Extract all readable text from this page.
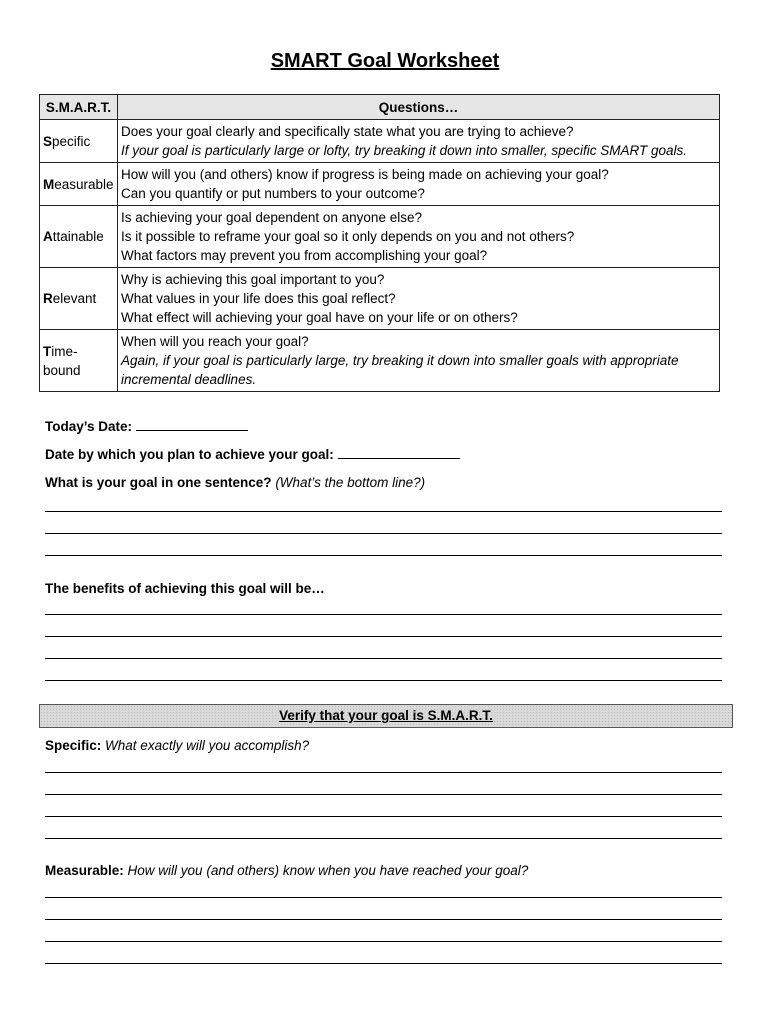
SMART Goal Worksheet
S.M.A.R.T.	Questions…
Specific	Does your goal clearly and specifically state what you are trying to achieve?
If your goal is particularly large or lofty, try breaking it down into smaller, specific SMART goals.

Measurable	How will you (and others) know if progress is being made on achieving your goal?
Can you quantify or put numbers to your outcome?

Attainable	Is achieving your goal dependent on anyone else?
Is it possible to reframe your goal so it only depends on you and not others?
What factors may prevent you from accomplishing your goal?

Relevant	Why is achieving this goal important to you?
What values in your life does this goal reflect?
What effect will achieving your goal have on your life or on others?

Time-bound	When will you reach your goal?
Again, if your goal is particularly large, try breaking it down into smaller goals with appropriate
incremental deadlines.
Today’s Date:
Date by which you plan to achieve your goal:
What is your goal in one sentence? (What’s the bottom line?)
The benefits of achieving this goal will be…
Verify that your goal is S.M.A.R.T.
Specific: What exactly will you accomplish?
Measurable: How will you (and others) know when you have reached your goal?
